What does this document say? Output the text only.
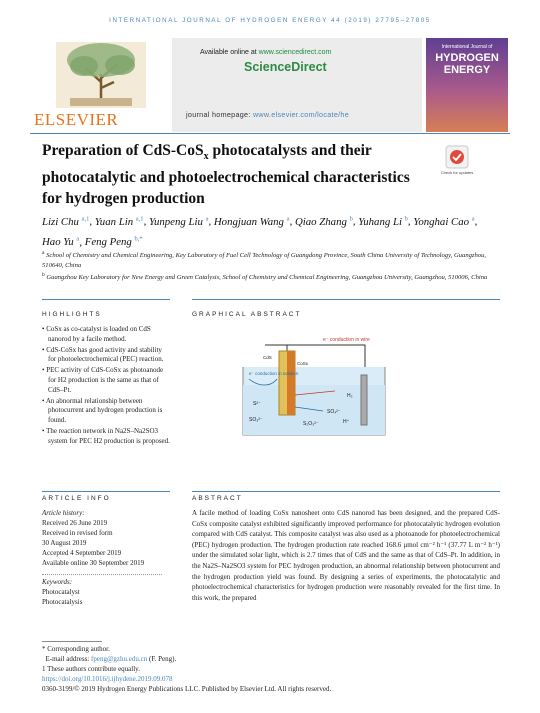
INTERNATIONAL JOURNAL OF HYDROGEN ENERGY 44 (2019) 27795–27805
ELSEVIER
Available online at www.sciencedirect.com
ScienceDirect
journal homepage: www.elsevier.com/locate/he
International Journal of
HYDROGEN
ENERGY
Preparation of CdS-CoS$_x$ photocatalysts and their photocatalytic and photoelectrochemical characteristics for hydrogen production
Check for updates
Lizi Chu $^{a,1}$, Yuan Lin $^{a,1}$, Yunpeng Liu $^a$, Hongjuan Wang $^a$, Qiao Zhang $^b$, Yuhang Li $^b$, Yonghai Cao $^a$, Hao Yu $^a$, Feng Peng $^{b,*}$
$^a$ School of Chemistry and Chemical Engineering, Key Laboratory of Fuel Cell Technology of Guangdong Province, South China University of Technology, Guangzhou, 510640, China
$^b$ Guangzhou Key Laboratory for New Energy and Green Catalysis, School of Chemistry and Chemical Engineering, Guangzhou University, Guangzhou, 510006, China
HIGHLIGHTS
• CoSx as co-catalyst is loaded on CdS nanorod by a facile method.
• CdS-CoSx has good activity and stability for photoelectrochemical (PEC) reaction.
• PEC activity of CdS-CoSx as photoanode for H2 production is the same as that of CdS–Pt.
• An abnormal relationship between photocurrent and hydrogen production is found.
• The reaction network in Na2S–Na2SO3 system for PEC H2 production is proposed.
GRAPHICAL ABSTRACT
e⁻ conduction in wire
e⁻ conduction in solution
S²⁻
SO₃²⁻
S₂O₃²⁻
SO₄²⁻
H₂
H⁺
CoSx
CdS
ARTICLE INFO
Article history:
Received 26 June 2019
Received in revised form
30 August 2019
Accepted 4 September 2019
Available online 30 September 2019
Keywords:
Photocatalyst
Photocatalysis
ABSTRACT
A facile method of loading CoSx nanosheet onto CdS nanorod has been designed, and the prepared CdS-CoSx composite catalyst exhibited significantly improved performance for photocatalytic hydrogen evolution compared with CdS catalyst. This composite catalyst was also used as a photoanode for photoelectrochemical (PEC) hydrogen production. The hydrogen production rate reached 168.6 μmol cm⁻² h⁻¹ (37.77 L m⁻² h⁻¹) under the simulated solar light, which is 2.7 times that of CdS and the same as that of CdS–Pt. In addition, in the Na2S–Na2SO3 system for PEC hydrogen production, an abnormal relationship between photocurrent and the hydrogen production yield was found. By designing a series of experiments, the photocatalytic and photoelectrochemical characteristics for hydrogen production were reasonably revealed for the first time. In this work, the prepared
* Corresponding author.
E-mail address: fpeng@gzhu.edu.cn (F. Peng).
1 These authors contribute equally.
https://doi.org/10.1016/j.ijhydene.2019.09.078
0360-3199/© 2019 Hydrogen Energy Publications LLC. Published by Elsevier Ltd. All rights reserved.
